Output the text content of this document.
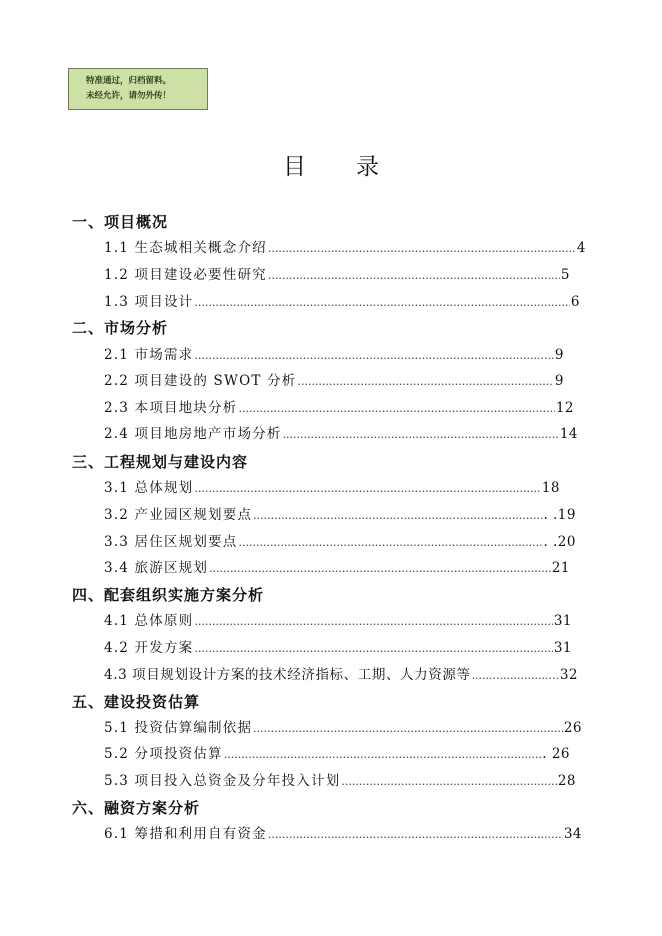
特准通过，归档留料。
未经允许，请勿外传！
目 录
一、项目概况
1.1 生态城相关概念介绍 .....	4
1.2 项目建设必要性研究 .....	5
1.3 项目设计 .....	6
二、市场分析
2.1 市场需求 .....	9
2.2 项目建设的 SWOT 分析 .....	9
2.3 本项目地块分析 .....	12
2.4 项目地房地产市场分析 .....	14
三、工程规划与建设内容
3.1 总体规划 .....	18
3.2 产业园区规划要点 .....	. .19
3.3 居住区规划要点 .....	. .20
3.4 旅游区规划 .....	21
四、配套组织实施方案分析
4.1 总体原则 .....	31
4.2 开发方案 .....	31
4.3 项目规划设计方案的技术经济指标、工期、人力资源等 .....	32
五、建设投资估算
5.1 投资估算编制依据 .....	26
5.2 分项投资估算 .....	. 26
5.3 项目投入总资金及分年投入计划 .....	28
六、融资方案分析
6.1 筹措和利用自有资金 .....	34
